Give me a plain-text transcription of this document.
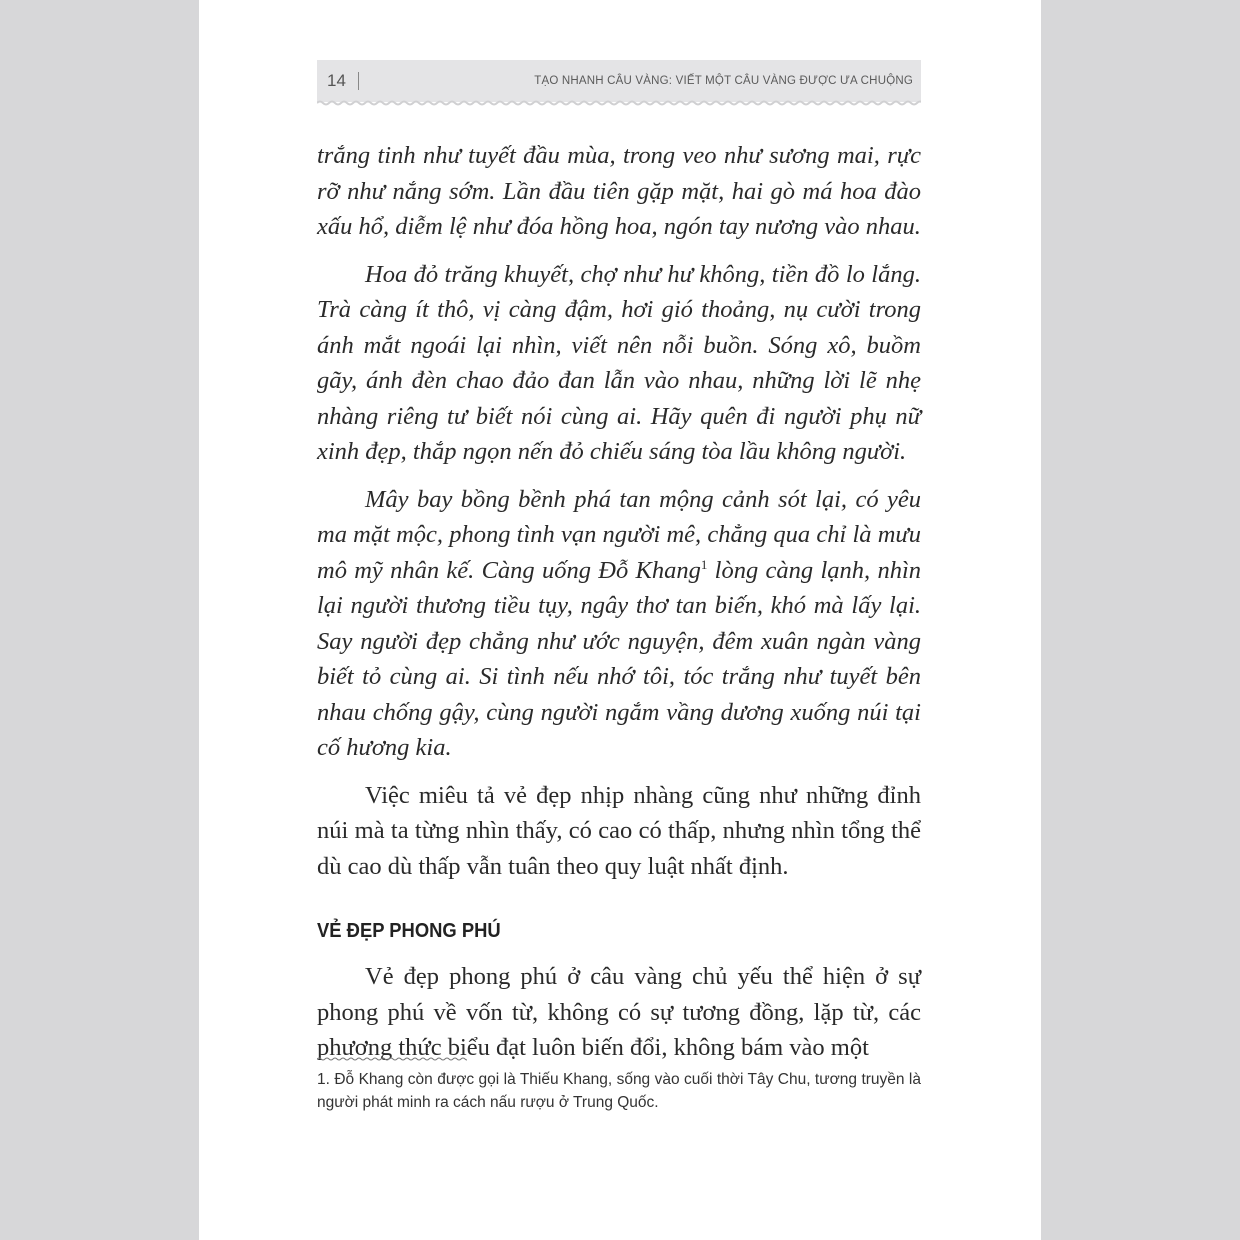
14	TẠO NHANH CÂU VÀNG: VIẾT MỘT CÂU VÀNG ĐƯỢC ƯA CHUỘNG

trắng tinh như tuyết đầu mùa, trong veo như sương mai, rực rỡ như nắng sớm. Lần đầu tiên gặp mặt, hai gò má hoa đào xấu hổ, diễm lệ như đóa hồng hoa, ngón tay nương vào nhau.

Hoa đỏ trăng khuyết, chợ như hư không, tiền đồ lo lắng. Trà càng ít thô, vị càng đậm, hơi gió thoảng, nụ cười trong ánh mắt ngoái lại nhìn, viết nên nỗi buồn. Sóng xô, buồm gãy, ánh đèn chao đảo đan lẫn vào nhau, những lời lẽ nhẹ nhàng riêng tư biết nói cùng ai. Hãy quên đi người phụ nữ xinh đẹp, thắp ngọn nến đỏ chiếu sáng tòa lầu không người.

Mây bay bồng bềnh phá tan mộng cảnh sót lại, có yêu ma mặt mộc, phong tình vạn người mê, chẳng qua chỉ là mưu mô mỹ nhân kế. Càng uống Đỗ Khang$^1$ lòng càng lạnh, nhìn lại người thương tiều tụy, ngây thơ tan biến, khó mà lấy lại. Say người đẹp chẳng như ước nguyện, đêm xuân ngàn vàng biết tỏ cùng ai. Si tình nếu nhớ tôi, tóc trắng như tuyết bên nhau chống gậy, cùng người ngắm vầng dương xuống núi tại cố hương kia.

Việc miêu tả vẻ đẹp nhịp nhàng cũng như những đỉnh núi mà ta từng nhìn thấy, có cao có thấp, nhưng nhìn tổng thể dù cao dù thấp vẫn tuân theo quy luật nhất định.

VẺ ĐẸP PHONG PHÚ

Vẻ đẹp phong phú ở câu vàng chủ yếu thể hiện ở sự phong phú về vốn từ, không có sự tương đồng, lặp từ, các phương thức biểu đạt luôn biến đổi, không bám vào một

1. Đỗ Khang còn được gọi là Thiếu Khang, sống vào cuối thời Tây Chu, tương truyền là người phát minh ra cách nấu rượu ở Trung Quốc.
